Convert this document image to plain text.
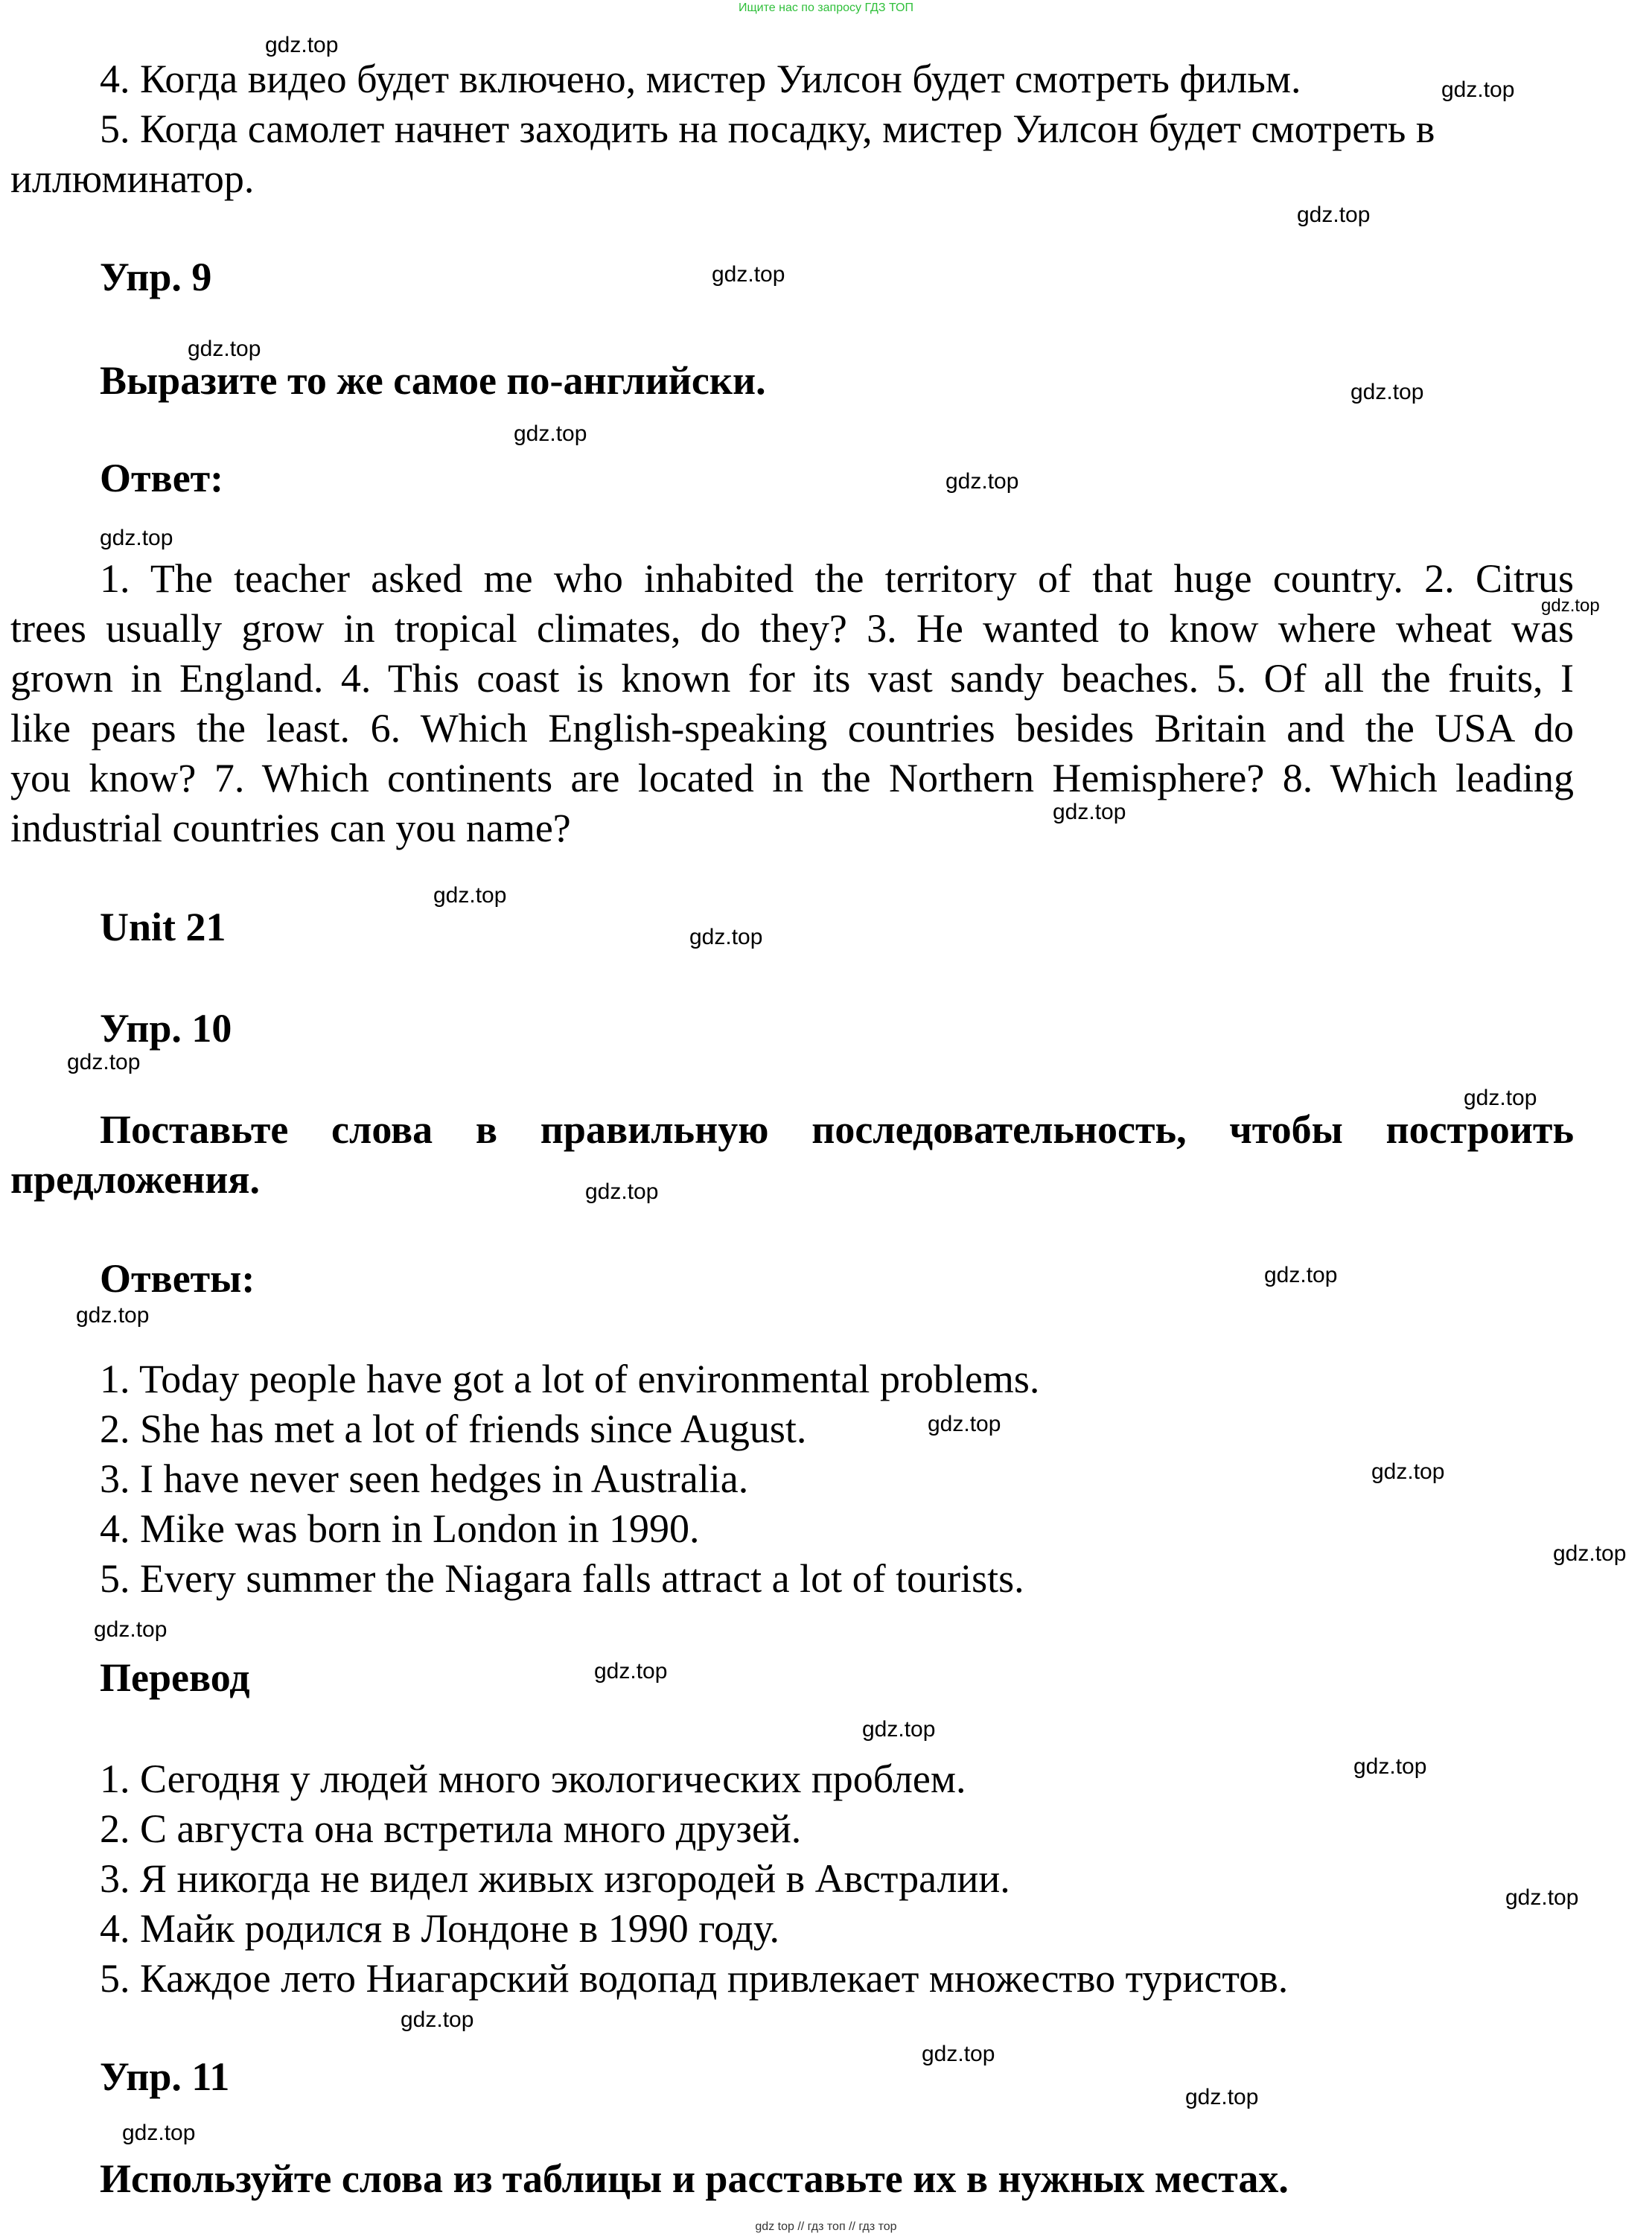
Ищите нас по запросу ГДЗ ТОП
4. Когда видео будет включено, мистер Уилсон будет смотреть фильм.
5. Когда самолет начнет заходить на посадку, мистер Уилсон будет смотреть в
иллюминатор.
Упр. 9
Выразите то же самое по-английски.
Ответ:
1. The teacher asked me who inhabited the territory of that huge country. 2. Citrus
trees usually grow in tropical climates, do they? 3. He wanted to know where wheat was
grown in England. 4. This coast is known for its vast sandy beaches. 5. Of all the fruits, I
like pears the least. 6. Which English-speaking countries besides Britain and the USA do
you know? 7. Which continents are located in the Northern Hemisphere? 8. Which leading
industrial countries can you name?
Unit 21
Упр. 10
Поставьте слова в правильную последовательность, чтобы построить
предложения.
Ответы:
1. Today people have got a lot of environmental problems.
2. She has met a lot of friends since August.
3. I have never seen hedges in Australia.
4. Mike was born in London in 1990.
5. Every summer the Niagara falls attract a lot of tourists.
Перевод
1. Сегодня у людей много экологических проблем.
2. С августа она встретила много друзей.
3. Я никогда не видел живых изгородей в Австралии.
4. Майк родился в Лондоне в 1990 году.
5. Каждое лето Ниагарский водопад привлекает множество туристов.
Упр. 11
Используйте слова из таблицы и расставьте их в нужных местах.
gdz.top
gdz.top
gdz.top
gdz.top
gdz.top
gdz.top
gdz.top
gdz.top
gdz.top
gdz.top
gdz.top
gdz.top
gdz.top
gdz.top
gdz.top
gdz.top
gdz.top
gdz.top
gdz.top
gdz.top
gdz.top
gdz.top
gdz.top
gdz.top
gdz.top
gdz.top
gdz.top
gdz.top
gdz.top
gdz.top
gdz top // гдз топ // гдз тор
